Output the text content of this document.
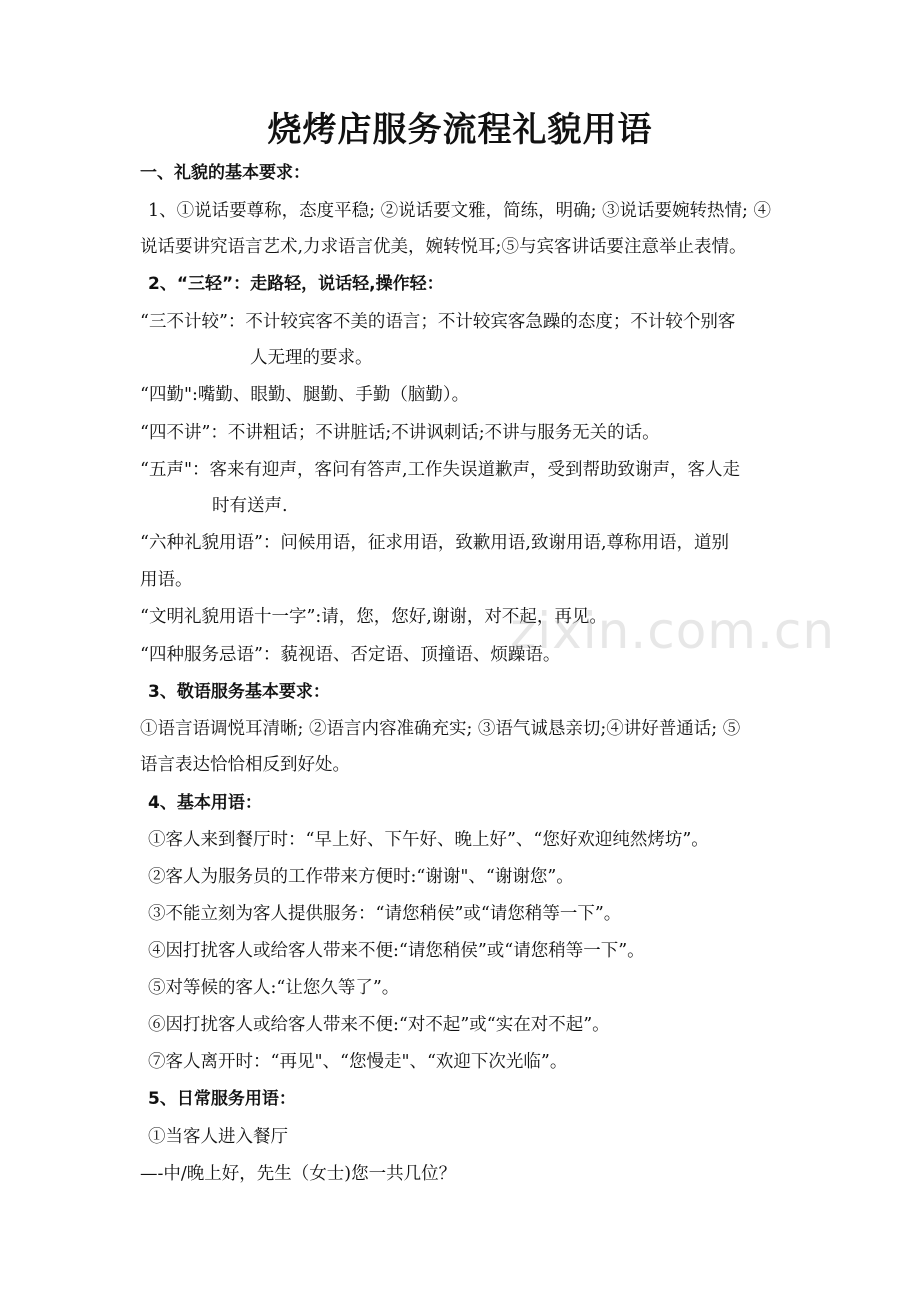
烧烤店服务流程礼貌用语
一、礼貌的基本要求：
1、①说话要尊称，态度平稳; ②说话要文雅，简练，明确; ③说话要婉转热情; ④
说话要讲究语言艺术,力求语言优美，婉转悦耳;⑤与宾客讲话要注意举止表情。
2、“三轻”：走路轻，说话轻,操作轻：
“三不计较”：不计较宾客不美的语言；不计较宾客急躁的态度；不计较个别客
人无理的要求。
“四勤":嘴勤、眼勤、腿勤、手勤（脑勤）。
“四不讲”：不讲粗话；不讲脏话;不讲讽刺话;不讲与服务无关的话。
“五声"：客来有迎声，客问有答声,工作失误道歉声，受到帮助致谢声，客人走
时有送声.
“六种礼貌用语”：问候用语，征求用语，致歉用语,致谢用语,尊称用语，道别
用语。
“文明礼貌用语十一字”:请，您，您好,谢谢，对不起，再见。
“四种服务忌语”：藐视语、否定语、顶撞语、烦躁语。
3、敬语服务基本要求：
①语言语调悦耳清晰; ②语言内容准确充实; ③语气诚恳亲切;④讲好普通话; ⑤
语言表达恰恰相反到好处。
4、基本用语：
①客人来到餐厅时：“早上好、下午好、晚上好”、“您好欢迎纯然烤坊”。
②客人为服务员的工作带来方便时:“谢谢"、“谢谢您”。
③不能立刻为客人提供服务：“请您稍侯”或“请您稍等一下”。
④因打扰客人或给客人带来不便:“请您稍侯”或“请您稍等一下”。
⑤对等候的客人:“让您久等了”。
⑥因打扰客人或给客人带来不便:“对不起”或“实在对不起”。
⑦客人离开时：“再见"、“您慢走"、“欢迎下次光临”。
5、日常服务用语：
①当客人进入餐厅
—-中/晚上好，先生（女士)您一共几位？
zixin.com.cn
